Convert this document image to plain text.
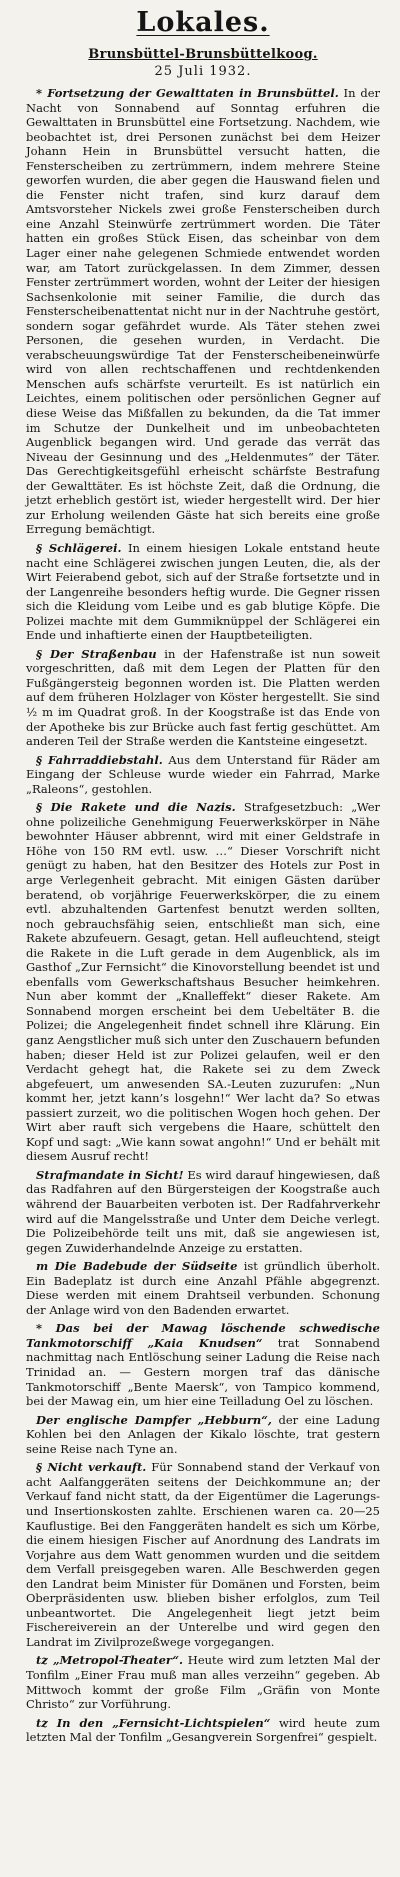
Lokales.
Brunsbüttel-Brunsbüttelkoog.
25 Juli 1932.

* Fortsetzung der Gewalttaten in Brunsbüttel. In der Nacht von Sonnabend auf Sonntag erfuhren die Gewalttaten in Brunsbüttel eine Fortsetzung. Nachdem, wie beobachtet ist, drei Personen zunächst bei dem Heizer Johann Hein in Brunsbüttel versucht hatten, die Fensterscheiben zu zertrümmern, indem mehrere Steine geworfen wurden, die aber gegen die Hauswand fielen und die Fenster nicht trafen, sind kurz darauf dem Amtsvorsteher Nickels zwei große Fensterscheiben durch eine Anzahl Steinwürfe zertrümmert worden. Die Täter hatten ein großes Stück Eisen, das scheinbar von dem Lager einer nahe gelegenen Schmiede entwendet worden war, am Tatort zurückgelassen. In dem Zimmer, dessen Fenster zertrümmert worden, wohnt der Leiter der hiesigen Sachsenkolonie mit seiner Familie, die durch das Fensterscheibenattentat nicht nur in der Nachtruhe gestört, sondern sogar gefährdet wurde. Als Täter stehen zwei Personen, die gesehen wurden, in Verdacht. Die verabscheuungswürdige Tat der Fensterscheibeneinwürfe wird von allen rechtschaffenen und rechtdenkenden Menschen aufs schärfste verurteilt. Es ist natürlich ein Leichtes, einem politischen oder persönlichen Gegner auf diese Weise das Mißfallen zu bekunden, da die Tat immer im Schutze der Dunkelheit und im unbeobachteten Augenblick begangen wird. Und gerade das verrät das Niveau der Gesinnung und des „Heldenmutes“ der Täter. Das Gerechtigkeitsgefühl erheischt schärfste Bestrafung der Gewalttäter. Es ist höchste Zeit, daß die Ordnung, die jetzt erheblich gestört ist, wieder hergestellt wird. Der hier zur Erholung weilenden Gäste hat sich bereits eine große Erregung bemächtigt.

§ Schlägerei. In einem hiesigen Lokale entstand heute nacht eine Schlägerei zwischen jungen Leuten, die, als der Wirt Feierabend gebot, sich auf der Straße fortsetzte und in der Langenreihe besonders heftig wurde. Die Gegner rissen sich die Kleidung vom Leibe und es gab blutige Köpfe. Die Polizei machte mit dem Gummiknüppel der Schlägerei ein Ende und inhaftierte einen der Hauptbeteiligten.

§ Der Straßenbau in der Hafenstraße ist nun soweit vorgeschritten, daß mit dem Legen der Platten für den Fußgängersteig begonnen worden ist. Die Platten werden auf dem früheren Holzlager von Köster hergestellt. Sie sind ½ m im Quadrat groß. In der Koogstraße ist das Ende von der Apotheke bis zur Brücke auch fast fertig geschüttet. Am anderen Teil der Straße werden die Kantsteine eingesetzt.

§ Fahrraddiebstahl. Aus dem Unterstand für Räder am Eingang der Schleuse wurde wieder ein Fahrrad, Marke „Raleons“, gestohlen.

§ Die Rakete und die Nazis. Strafgesetzbuch: „Wer ohne polizeiliche Genehmigung Feuerwerkskörper in Nähe bewohnter Häuser abbrennt, wird mit einer Geldstrafe in Höhe von 150 RM evtl. usw. …“ Dieser Vorschrift nicht genügt zu haben, hat den Besitzer des Hotels zur Post in arge Verlegenheit gebracht. Mit einigen Gästen darüber beratend, ob vorjährige Feuerwerkskörper, die zu einem evtl. abzuhaltenden Gartenfest benutzt werden sollten, noch gebrauchsfähig seien, entschließt man sich, eine Rakete abzufeuern. Gesagt, getan. Hell aufleuchtend, steigt die Rakete in die Luft gerade in dem Augenblick, als im Gasthof „Zur Fernsicht“ die Kinovorstellung beendet ist und ebenfalls vom Gewerkschaftshaus Besucher heimkehren. Nun aber kommt der „Knalleffekt“ dieser Rakete. Am Sonnabend morgen erscheint bei dem Uebeltäter B. die Polizei; die Angelegenheit findet schnell ihre Klärung. Ein ganz Aengstlicher muß sich unter den Zuschauern befunden haben; dieser Held ist zur Polizei gelaufen, weil er den Verdacht gehegt hat, die Rakete sei zu dem Zweck abgefeuert, um anwesenden SA.-Leuten zuzurufen: „Nun kommt her, jetzt kann’s losgehn!“ Wer lacht da? So etwas passiert zurzeit, wo die politischen Wogen hoch gehen. Der Wirt aber rauft sich vergebens die Haare, schüttelt den Kopf und sagt: „Wie kann sowat angohn!“ Und er behält mit diesem Ausruf recht!

Strafmandate in Sicht! Es wird darauf hingewiesen, daß das Radfahren auf den Bürgersteigen der Koogstraße auch während der Bauarbeiten verboten ist. Der Radfahrverkehr wird auf die Mangelsstraße und Unter dem Deiche verlegt. Die Polizeibehörde teilt uns mit, daß sie angewiesen ist, gegen Zuwiderhandelnde Anzeige zu erstatten.

m Die Badebude der Südseite ist gründlich überholt. Ein Badeplatz ist durch eine Anzahl Pfähle abgegrenzt. Diese werden mit einem Drahtseil verbunden. Schonung der Anlage wird von den Badenden erwartet.

* Das bei der Mawag löschende schwedische Tankmotorschiff „Kaia Knudsen“ trat Sonnabend nachmittag nach Entlöschung seiner Ladung die Reise nach Trinidad an. — Gestern morgen traf das dänische Tankmotorschiff „Bente Maersk“, von Tampico kommend, bei der Mawag ein, um hier eine Teilladung Oel zu löschen.

Der englische Dampfer „Hebburn“, der eine Ladung Kohlen bei den Anlagen der Kikalo löschte, trat gestern seine Reise nach Tyne an.

§ Nicht verkauft. Für Sonnabend stand der Verkauf von acht Aalfanggeräten seitens der Deichkommune an; der Verkauf fand nicht statt, da der Eigentümer die Lagerungs- und Insertionskosten zahlte. Erschienen waren ca. 20—25 Kauflustige. Bei den Fanggeräten handelt es sich um Körbe, die einem hiesigen Fischer auf Anordnung des Landrats im Vorjahre aus dem Watt genommen wurden und die seitdem dem Verfall preisgegeben waren. Alle Beschwerden gegen den Landrat beim Minister für Domänen und Forsten, beim Oberpräsidenten usw. blieben bisher erfolglos, zum Teil unbeantwortet. Die Angelegenheit liegt jetzt beim Fischereiverein an der Unterelbe und wird gegen den Landrat im Zivilprozeßwege vorgegangen.

tz „Metropol-Theater“. Heute wird zum letzten Mal der Tonfilm „Einer Frau muß man alles verzeihn“ gegeben. Ab Mittwoch kommt der große Film „Gräfin von Monte Christo“ zur Vorführung.

tz In den „Fernsicht-Lichtspielen“ wird heute zum letzten Mal der Tonfilm „Gesangverein Sorgenfrei“ gespielt.
